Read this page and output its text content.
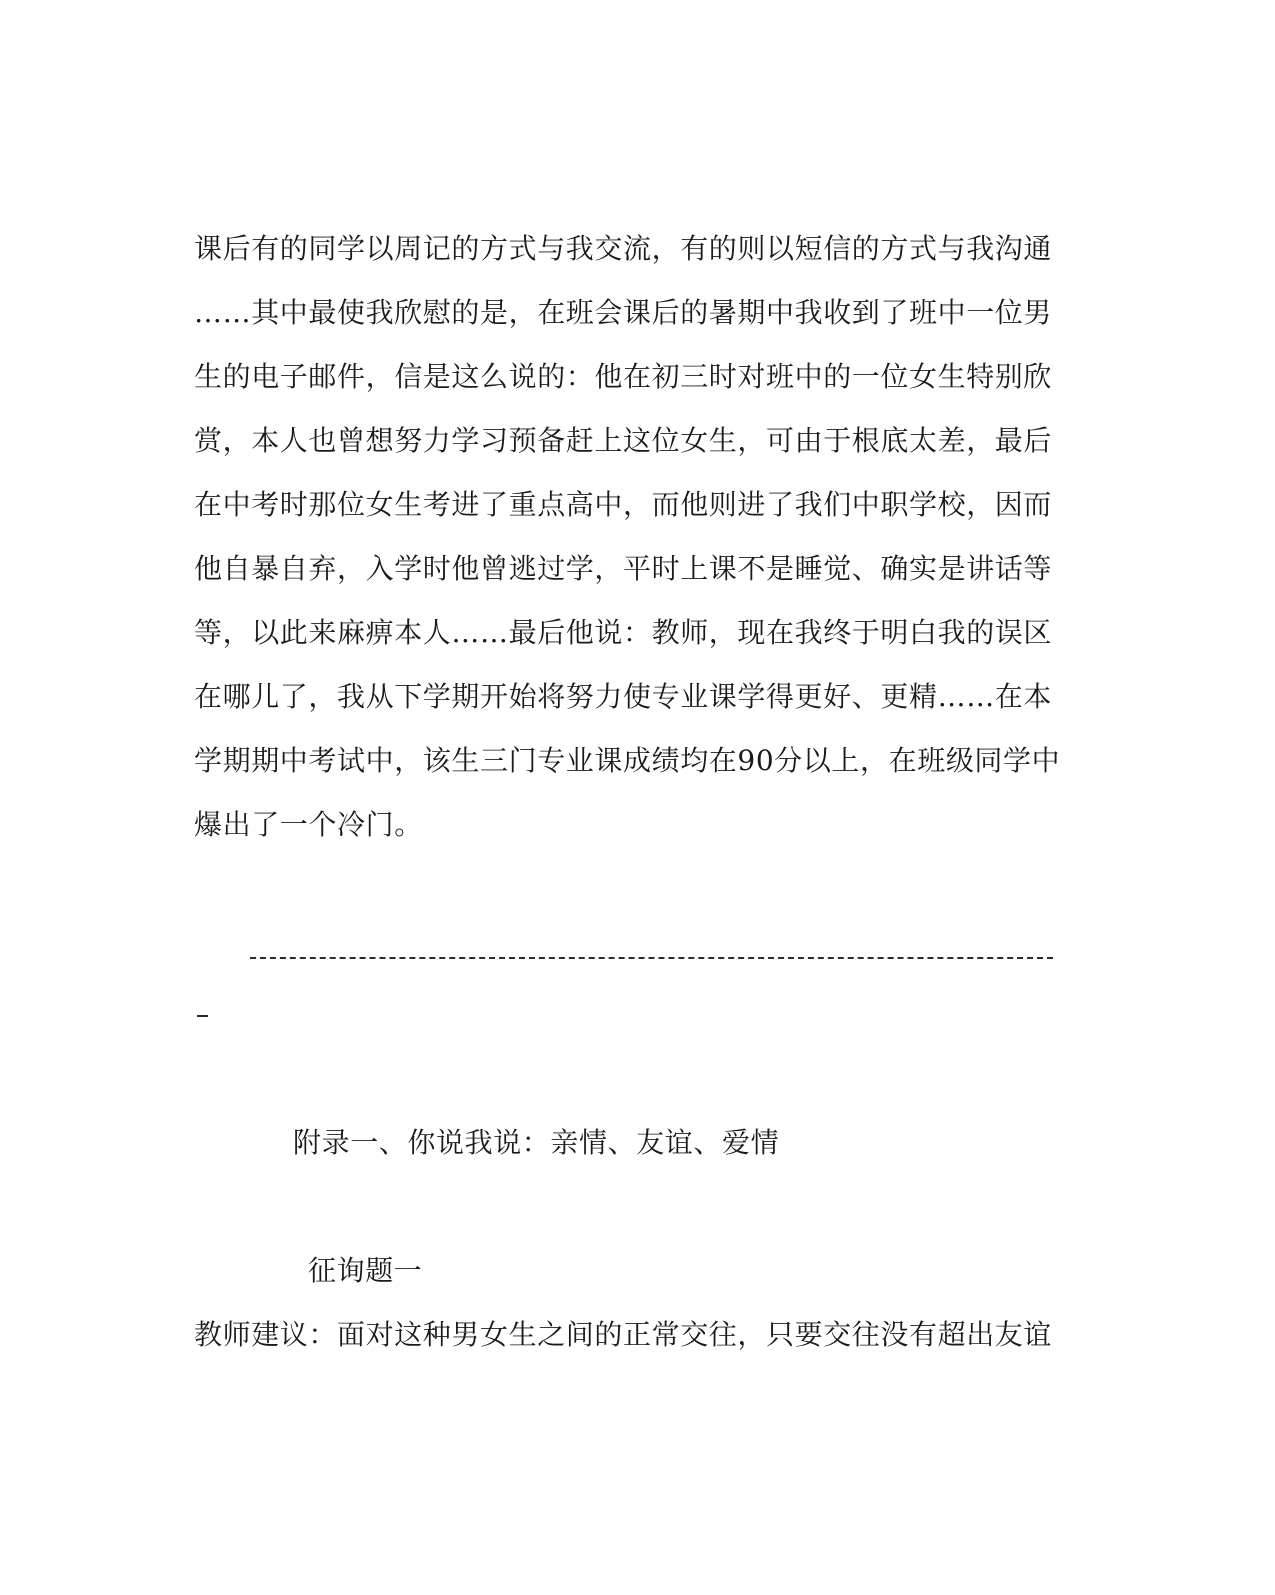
课后有的同学以周记的方式与我交流，有的则以短信的方式与我沟通
……其中最使我欣慰的是，在班会课后的暑期中我收到了班中一位男
生的电子邮件，信是这么说的：他在初三时对班中的一位女生特别欣
赏，本人也曾想努力学习预备赶上这位女生，可由于根底太差，最后
在中考时那位女生考进了重点高中，而他则进了我们中职学校，因而
他自暴自弃，入学时他曾逃过学，平时上课不是睡觉、确实是讲话等
等，以此来麻痹本人……最后他说：教师，现在我终于明白我的误区
在哪儿了，我从下学期开始将努力使专业课学得更好、更精……在本
学期期中考试中，该生三门专业课成绩均在90分以上，在班级同学中
爆出了一个冷门。
附录一、你说我说：亲情、友谊、爱情
征询题一
教师建议：面对这种男女生之间的正常交往，只要交往没有超出友谊
